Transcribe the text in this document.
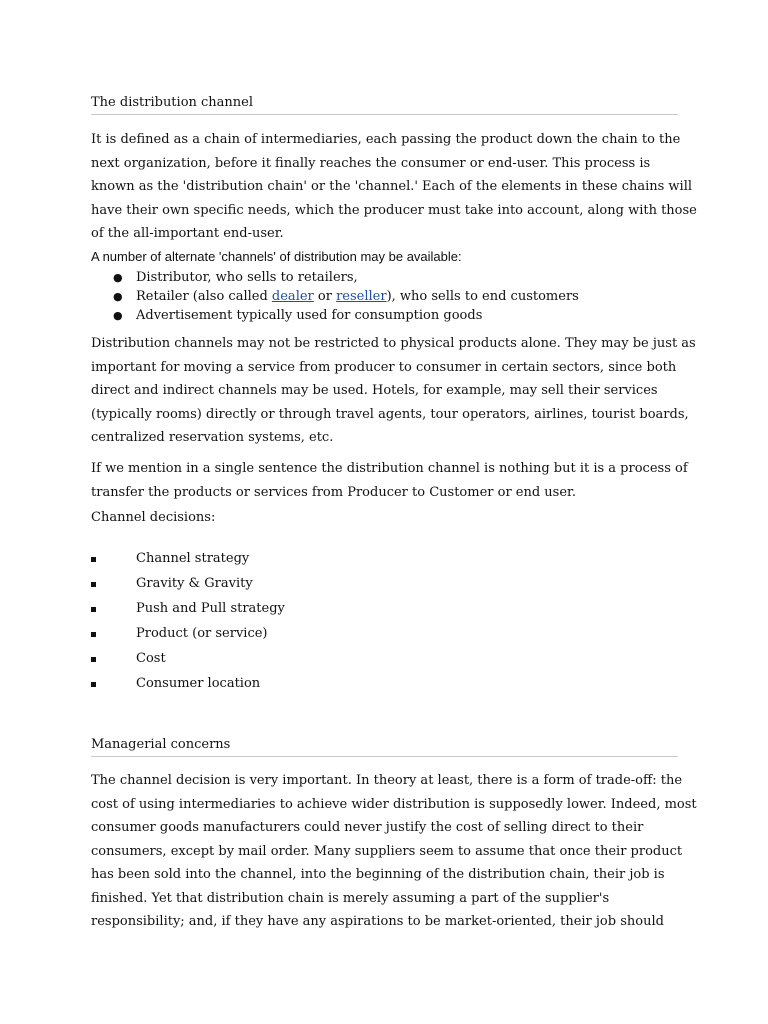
The distribution channel
It is defined as a chain of intermediaries, each passing the product down the chain to the
next organization, before it finally reaches the consumer or end-user. This process is
known as the 'distribution chain' or the 'channel.' Each of the elements in these chains will
have their own specific needs, which the producer must take into account, along with those
of the all-important end-user.
A number of alternate 'channels' of distribution may be available:
● Distributor, who sells to retailers,
● Retailer (also called dealer or reseller), who sells to end customers
● Advertisement typically used for consumption goods
Distribution channels may not be restricted to physical products alone. They may be just as
important for moving a service from producer to consumer in certain sectors, since both
direct and indirect channels may be used. Hotels, for example, may sell their services
(typically rooms) directly or through travel agents, tour operators, airlines, tourist boards,
centralized reservation systems, etc.
If we mention in a single sentence the distribution channel is nothing but it is a process of
transfer the products or services from Producer to Customer or end user.
Channel decisions:
Channel strategy
Gravity & Gravity
Push and Pull strategy
Product (or service)
Cost
Consumer location
Managerial concerns
The channel decision is very important. In theory at least, there is a form of trade-off: the
cost of using intermediaries to achieve wider distribution is supposedly lower. Indeed, most
consumer goods manufacturers could never justify the cost of selling direct to their
consumers, except by mail order. Many suppliers seem to assume that once their product
has been sold into the channel, into the beginning of the distribution chain, their job is
finished. Yet that distribution chain is merely assuming a part of the supplier's
responsibility; and, if they have any aspirations to be market-oriented, their job should
